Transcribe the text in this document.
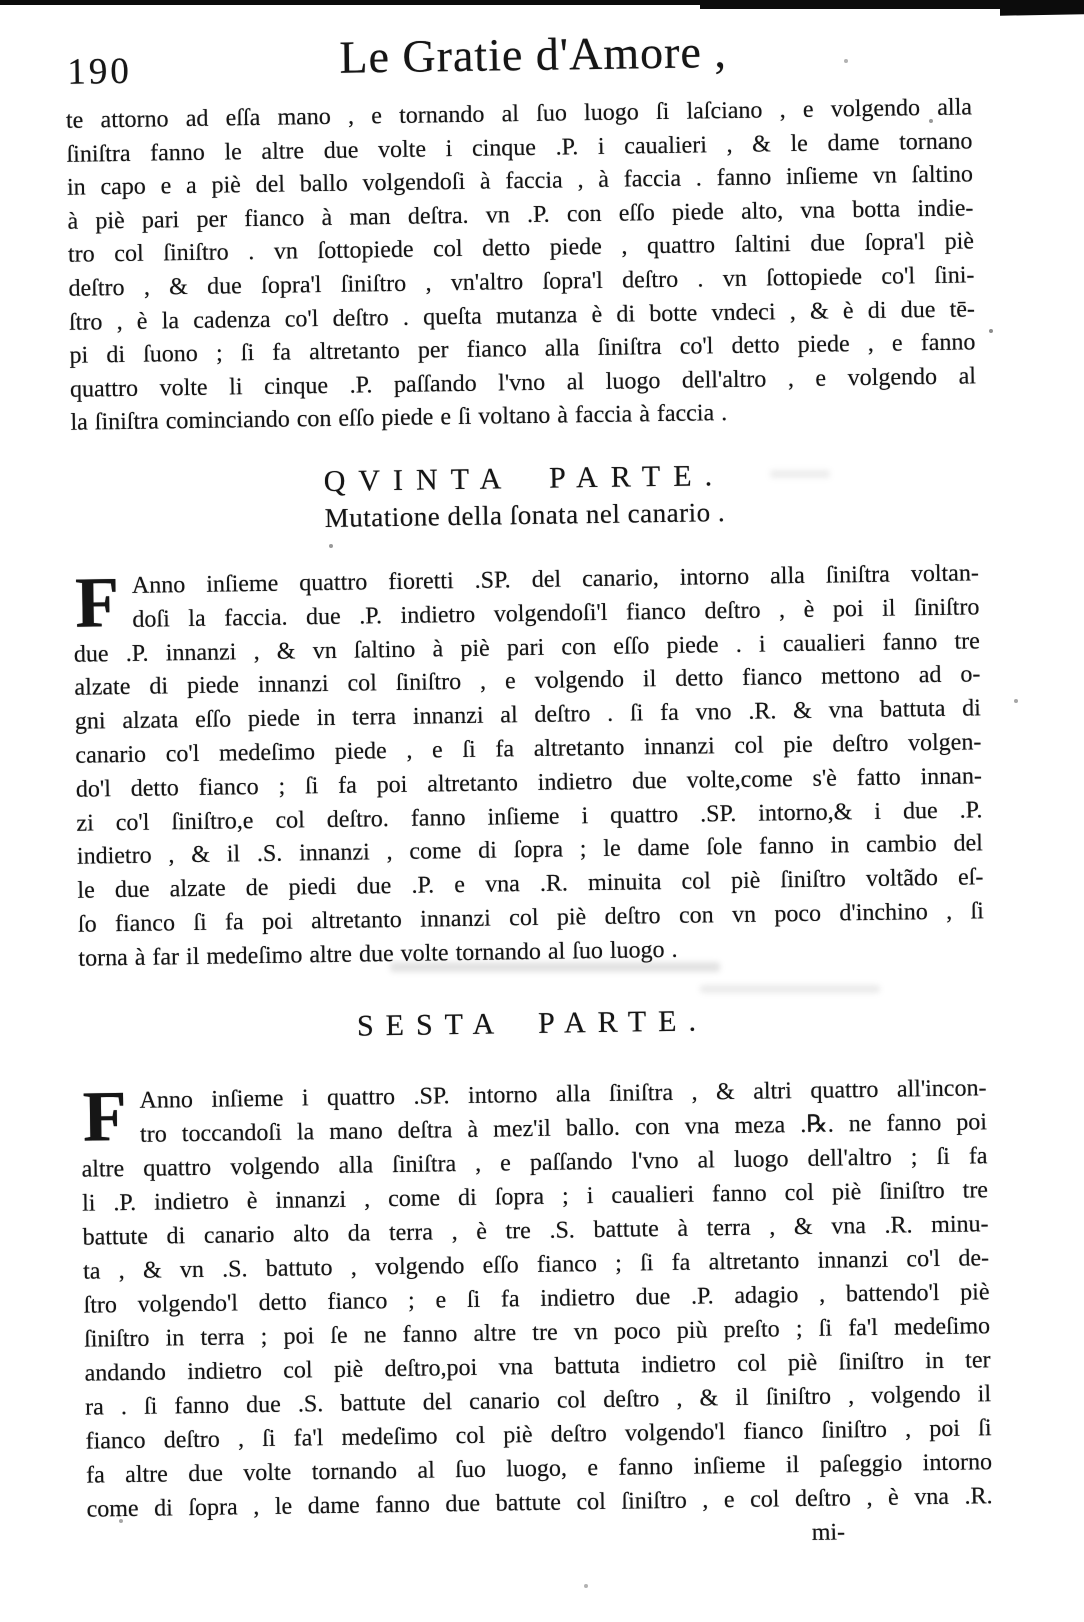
190	Le Gratie d'Amore ,
te attorno ad eſſa mano , e tornando al ſuo luogo ſi laſciano , e volgendo alla
ſiniſtra fanno le altre due volte i cinque .P. i caualieri , & le dame tornano
in capo e a piè del ballo volgendoſi à faccia , à faccia . fanno inſieme vn ſaltino
à piè pari per fianco à man deſtra. vn .P. con eſſo piede alto, vna botta indie-
tro col ſiniſtro . vn ſottopiede col detto piede , quattro ſaltini due ſopra'l piè
deſtro , & due ſopra'l ſiniſtro , vn'altro ſopra'l deſtro . vn ſottopiede co'l ſini-
ſtro , è la cadenza co'l deſtro . queſta mutanza è di botte vndeci , & è di due tē-
pi di ſuono ; ſi fa altretanto per fianco alla ſiniſtra co'l detto piede , e fanno
quattro volte li cinque .P. paſſando l'vno al luogo dell'altro , e volgendo al
la ſiniſtra cominciando con eſſo piede e ſi voltano à faccia à faccia .
QVINTA PARTE.
Mutatione della ſonata nel canario .
F Anno inſieme quattro fioretti .SP. del canario, intorno alla ſiniſtra voltan-
doſi la faccia. due .P. indietro volgendoſi'l fianco deſtro , è poi il ſiniſtro
due .P. innanzi , & vn ſaltino à piè pari con eſſo piede . i caualieri fanno tre
alzate di piede innanzi col ſiniſtro , e volgendo il detto fianco mettono ad o-
gni alzata eſſo piede in terra innanzi al deſtro . ſi fa vno .R. & vna battuta di
canario co'l medeſimo piede , e ſi fa altretanto innanzi col pie deſtro volgen-
do'l detto fianco ; ſi fa poi altretanto indietro due volte,come s'è fatto innan-
zi co'l ſiniſtro,e col deſtro. fanno inſieme i quattro .SP. intorno,& i due .P.
indietro , & il .S. innanzi , come di ſopra ; le dame ſole fanno in cambio del
le due alzate de piedi due .P. e vna .R. minuita col piè ſiniſtro voltãdo eſ-
ſo fianco ſi fa poi altretanto innanzi col piè deſtro con vn poco d'inchino , ſi
torna à far il medeſimo altre due volte tornando al ſuo luogo .
SESTA PARTE.
F Anno inſieme i quattro .SP. intorno alla ſiniſtra , & altri quattro all'incon-
tro toccandoſi la mano deſtra à mez'il ballo. con vna meza .℞. ne fanno poi
altre quattro volgendo alla ſiniſtra , e paſſando l'vno al luogo dell'altro ; ſi fa
li .P. indietro è innanzi , come di ſopra ; i caualieri fanno col piè ſiniſtro tre
battute di canario alto da terra , è tre .S. battute à terra , & vna .R. minu-
ta , & vn .S. battuto , volgendo eſſo fianco ; ſi fa altretanto innanzi co'l de-
ſtro volgendo'l detto fianco ; e ſi fa indietro due .P. adagio , battendo'l piè
ſiniſtro in terra ; poi ſe ne fanno altre tre vn poco più preſto ; ſi fa'l medeſimo
andando indietro col piè deſtro,poi vna battuta indietro col piè ſiniſtro in ter
ra . ſi fanno due .S. battute del canario col deſtro , & il ſiniſtro , volgendo il
fianco deſtro , ſi fa'l medeſimo col piè deſtro volgendo'l fianco ſiniſtro , poi ſi
fa altre due volte tornando al ſuo luogo, e fanno inſieme il paſeggio intorno
come di ſopra , le dame fanno due battute col ſiniſtro , e col deſtro , è vna .R.
mi-
